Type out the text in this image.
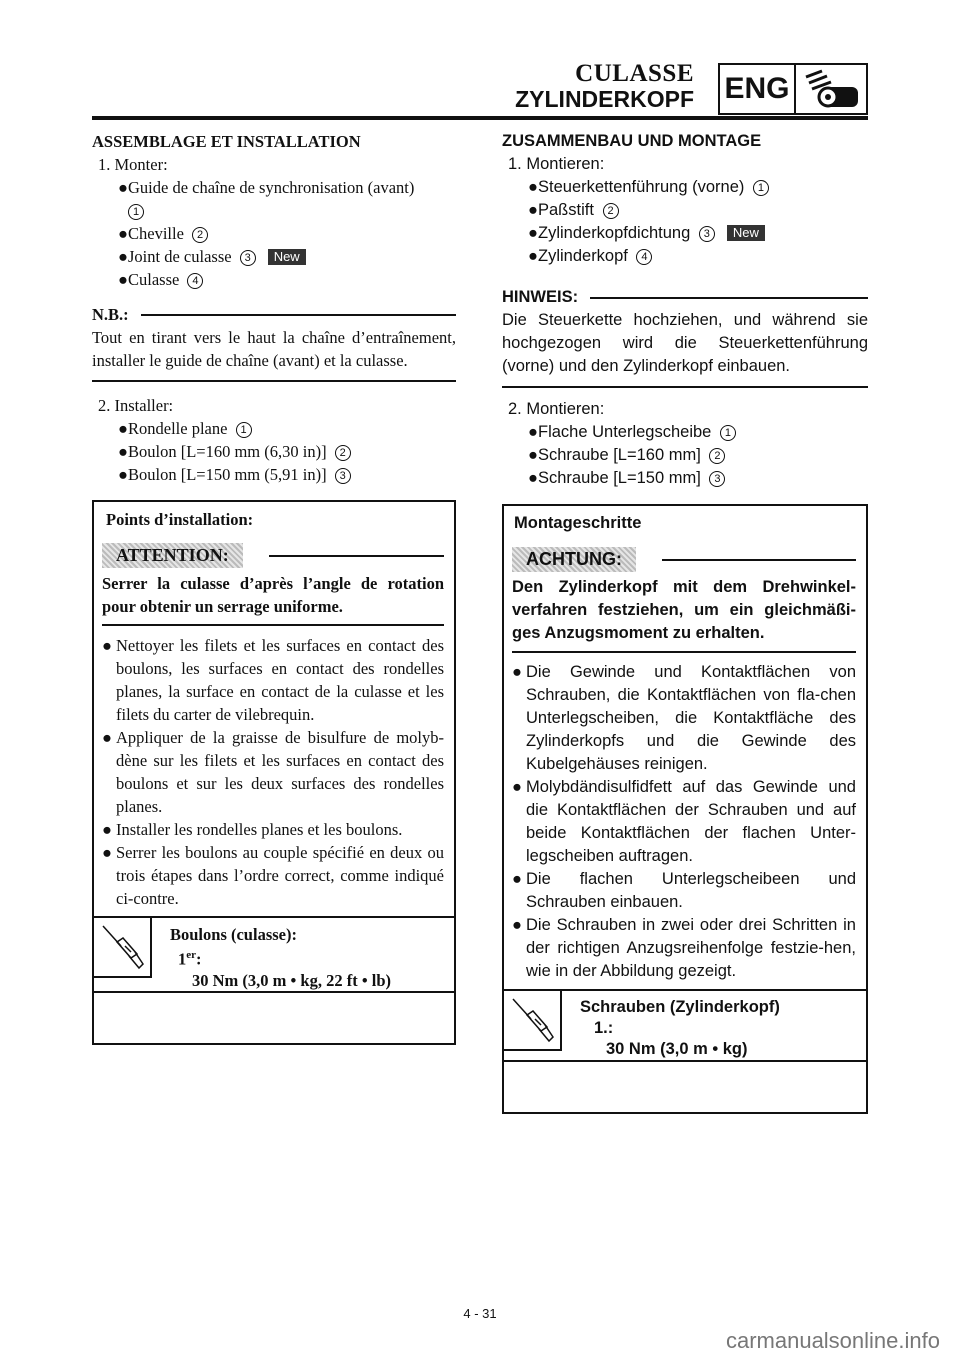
CULASSE
ZYLINDERKOPF ENG

ASSEMBLAGE ET INSTALLATION

1. Monter:

● Guide de chaîne de synchronisation (avant)

1

● Cheville 2

● Joint de culasse 3 New

● Culasse 4

N.B.:
Tout en tirant vers le haut la chaîne d’entraînement, installer le guide de chaîne (avant) et la culasse.

2. Installer:

● Rondelle plane 1

● Boulon [L=160 mm (6,30 in)] 2

● Boulon [L=150 mm (5,91 in)] 3

Points d’installation:
ATTENTION:
Serrer la culasse d’après l’angle de rotation pour obtenir un serrage uniforme.
● Nettoyer les filets et les surfaces en contact des boulons, les surfaces en contact des rondelles planes, la surface en contact de la culasse et les filets du carter de vilebrequin.
● Appliquer de la graisse de bisulfure de molyb-dène sur les filets et les surfaces en contact des boulons et sur les deux surfaces des rondelles planes.
● Installer les rondelles planes et les boulons.
● Serrer les boulons au couple spécifié en deux ou trois étapes dans l’ordre correct, comme indiqué ci-contre.
Boulons (culasse):
1er:
30 Nm (3,0 m • kg, 22 ft • lb)

ZUSAMMENBAU UND MONTAGE

1. Montieren:

● Steuerkettenführung (vorne) 1

● Paßstift 2

● Zylinderkopfdichtung 3 New

● Zylinderkopf 4

HINWEIS:
Die Steuerkette hochziehen, und während sie hochgezogen wird die Steuerkettenführung (vorne) und den Zylinderkopf einbauen.

2. Montieren:

● Flache Unterlegscheibe 1

● Schraube [L=160 mm] 2

● Schraube [L=150 mm] 3

Montageschritte
ACHTUNG:
Den Zylinderkopf mit dem Drehwinkel-verfahren festziehen, um ein gleichmäßi-ges Anzugsmoment zu erhalten.
● Die Gewinde und Kontaktflächen von Schrauben, die Kontaktflächen von fla-chen Unterlegscheiben, die Kontaktfläche des Zylinderkopfs und die Gewinde des Kubelgehäuses reinigen.
● Molybdändisulfidfett auf das Gewinde und die Kontaktflächen der Schrauben und auf beide Kontaktflächen der flachen Unter-legscheiben auftragen.
● Die flachen Unterlegscheibeen und Schrauben einbauen.
● Die Schrauben in zwei oder drei Schritten in der richtigen Anzugsreihenfolge festzie-hen, wie in der Abbildung gezeigt.
Schrauben (Zylinderkopf)
1.:
30 Nm (3,0 m • kg)
4 - 31
carmanualsonline.info
